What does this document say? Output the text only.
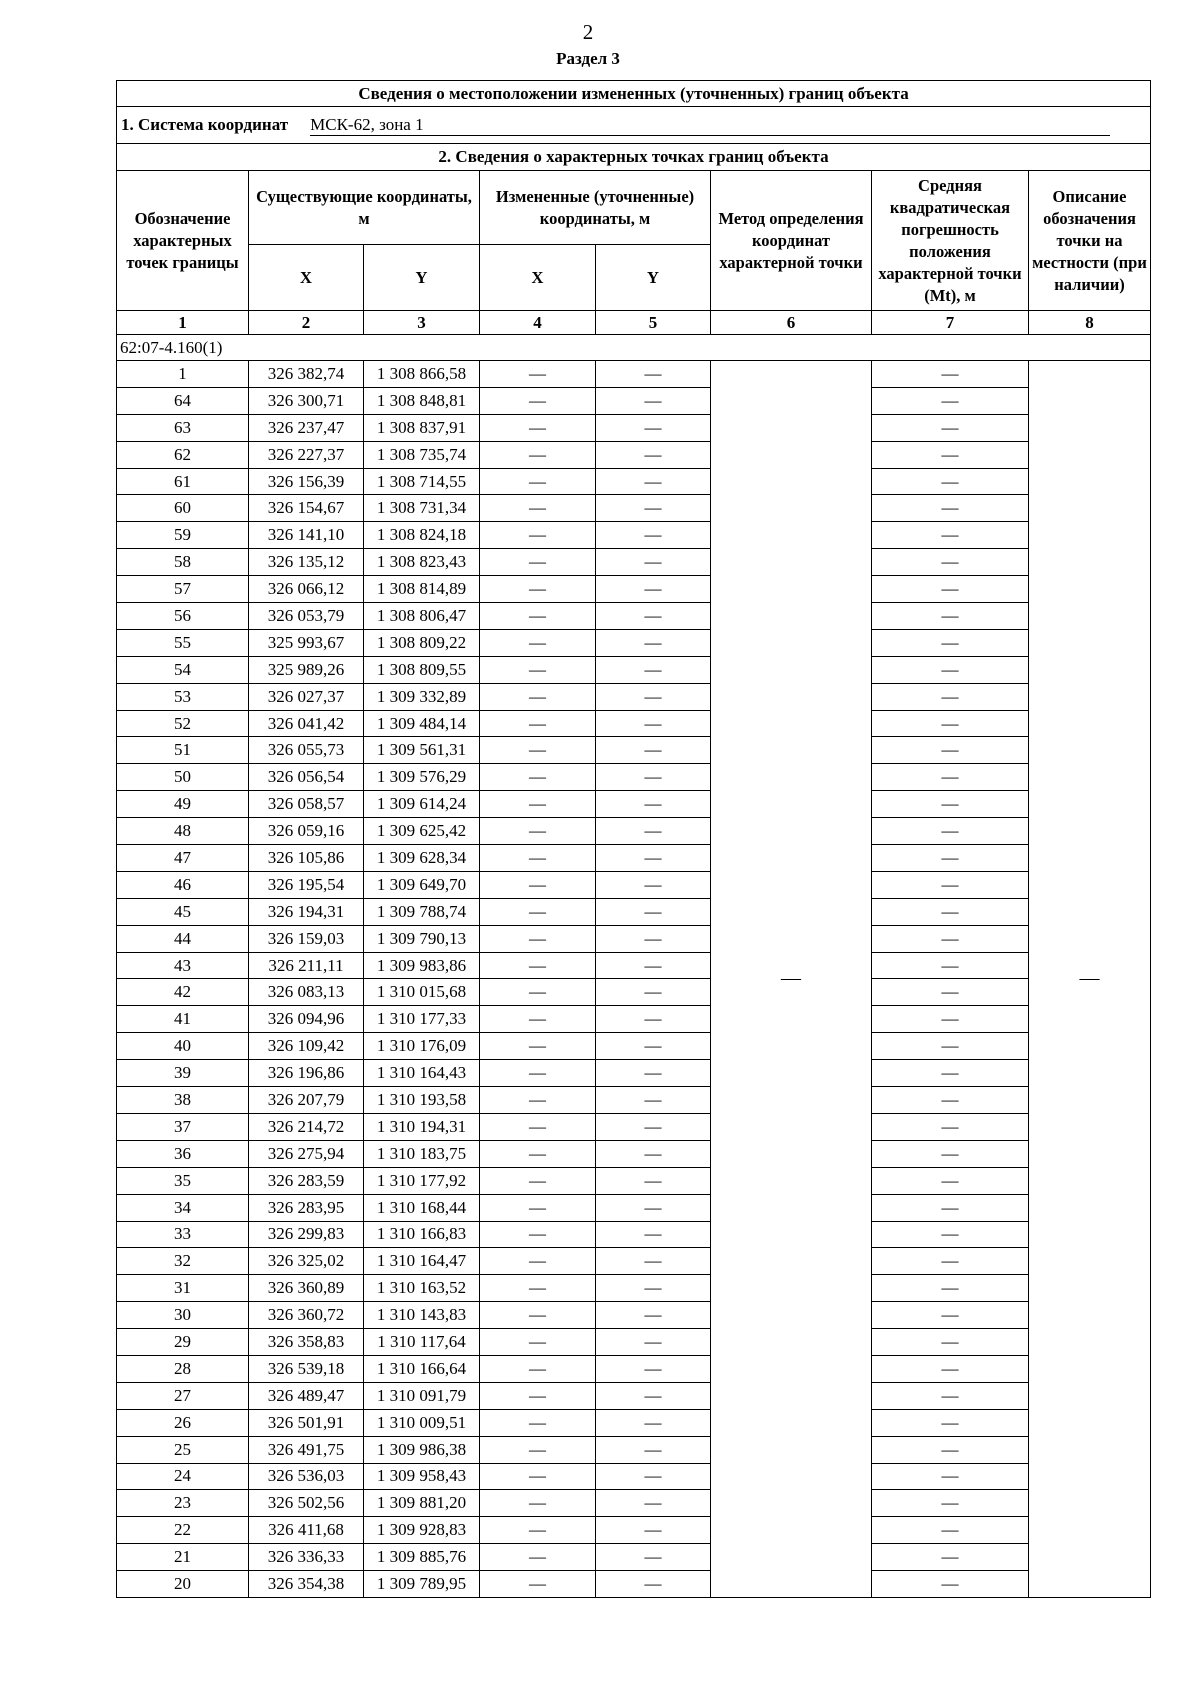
2
Раздел 3
Сведения о местоположении измененных (уточненных) границ объекта							
1. Система координат МСК-62, зона 1							
2. Сведения о характерных точках границ объекта							
Обозначение характерных точек границы	Существующие координаты, м		Измененные (уточненные) координаты, м		Метод определения координат характерной точки	Средняя квадратическая погрешность положения характерной точки (Mt), м	Описание обозначения точки на местности (при наличии)
	X	Y	X	Y			
1	2	3	4	5	6	7	8
62:07-4.160(1)							
1	326 382,74	1 308 866,58	—	—	—	—	—
64	326 300,71	1 308 848,81	—	—		—	
63	326 237,47	1 308 837,91	—	—		—	
62	326 227,37	1 308 735,74	—	—		—	
61	326 156,39	1 308 714,55	—	—		—	
60	326 154,67	1 308 731,34	—	—		—	
59	326 141,10	1 308 824,18	—	—		—	
58	326 135,12	1 308 823,43	—	—		—	
57	326 066,12	1 308 814,89	—	—		—	
56	326 053,79	1 308 806,47	—	—		—	
55	325 993,67	1 308 809,22	—	—		—	
54	325 989,26	1 308 809,55	—	—		—	
53	326 027,37	1 309 332,89	—	—		—	
52	326 041,42	1 309 484,14	—	—		—	
51	326 055,73	1 309 561,31	—	—		—	
50	326 056,54	1 309 576,29	—	—		—	
49	326 058,57	1 309 614,24	—	—		—	
48	326 059,16	1 309 625,42	—	—		—	
47	326 105,86	1 309 628,34	—	—		—	
46	326 195,54	1 309 649,70	—	—		—	
45	326 194,31	1 309 788,74	—	—		—	
44	326 159,03	1 309 790,13	—	—		—	
43	326 211,11	1 309 983,86	—	—		—	
42	326 083,13	1 310 015,68	—	—		—	
41	326 094,96	1 310 177,33	—	—		—	
40	326 109,42	1 310 176,09	—	—		—	
39	326 196,86	1 310 164,43	—	—		—	
38	326 207,79	1 310 193,58	—	—		—	
37	326 214,72	1 310 194,31	—	—		—	
36	326 275,94	1 310 183,75	—	—		—	
35	326 283,59	1 310 177,92	—	—		—	
34	326 283,95	1 310 168,44	—	—		—	
33	326 299,83	1 310 166,83	—	—		—	
32	326 325,02	1 310 164,47	—	—		—	
31	326 360,89	1 310 163,52	—	—		—	
30	326 360,72	1 310 143,83	—	—		—	
29	326 358,83	1 310 117,64	—	—		—	
28	326 539,18	1 310 166,64	—	—		—	
27	326 489,47	1 310 091,79	—	—		—	
26	326 501,91	1 310 009,51	—	—		—	
25	326 491,75	1 309 986,38	—	—		—	
24	326 536,03	1 309 958,43	—	—		—	
23	326 502,56	1 309 881,20	—	—		—	
22	326 411,68	1 309 928,83	—	—		—	
21	326 336,33	1 309 885,76	—	—		—	
20	326 354,38	1 309 789,95	—	—		—	
